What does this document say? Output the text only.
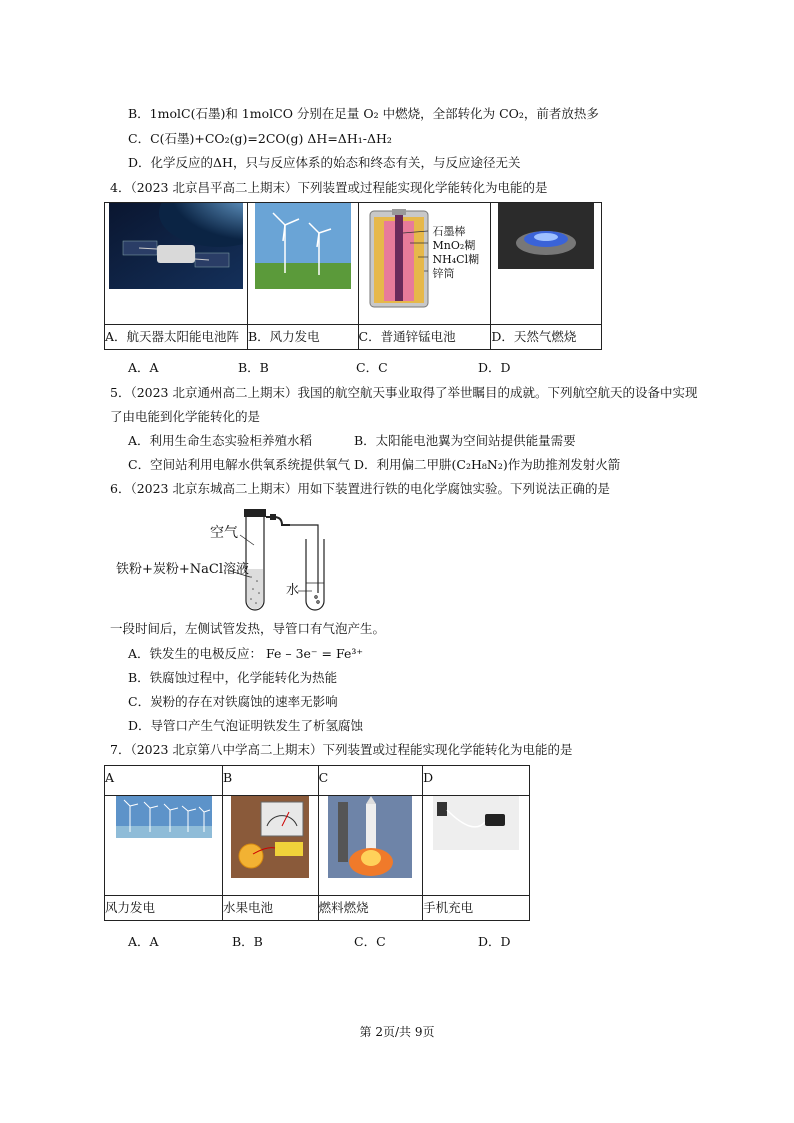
B．1molC(石墨)和 1molCO 分别在足量 O₂ 中燃烧，全部转化为 CO₂，前者放热多
C．C(石墨)+CO₂(g)=2CO(g) ΔH=ΔH₁-ΔH₂
D．化学反应的ΔH，只与反应体系的始态和终态有关，与反应途径无关
4．（2023 北京昌平高二上期末）下列装置或过程能实现化学能转化为电能的是

石墨棒
MnO₂糊
NH₄Cl糊
锌筒

A．航天器太阳能电池阵	B．风力发电	C．普通锌锰电池	D．天然气燃烧
A．A	B．B	C．C	D．D
5．（2023 北京通州高二上期末）我国的航空航天事业取得了举世瞩目的成就。下列航空航天的设备中实现
了由电能到化学能转化的是
A．利用生命生态实验柜养殖水稻	B．太阳能电池翼为空间站提供能量需要
C．空间站利用电解水供氧系统提供氧气 D．利用偏二甲肼(C₂H₈N₂)作为助推剂发射火箭
6．（2023 北京东城高二上期末）用如下装置进行铁的电化学腐蚀实验。下列说法正确的是
空气
铁粉+炭粉+NaCl溶液
水
一段时间后，左侧试管发热，导管口有气泡产生。
A．铁发生的电极反应： Fe – 3e⁻ = Fe³⁺
B．铁腐蚀过程中，化学能转化为热能
C．炭粉的存在对铁腐蚀的速率无影响
D．导管口产生气泡证明铁发生了析氢腐蚀
7．（2023 北京第八中学高二上期末）下列装置或过程能实现化学能转化为电能的是
A	B	C	D

风力发电	水果电池	燃料燃烧	手机充电
A．A	B．B	C．C	D．D
第 2页/共 9页
